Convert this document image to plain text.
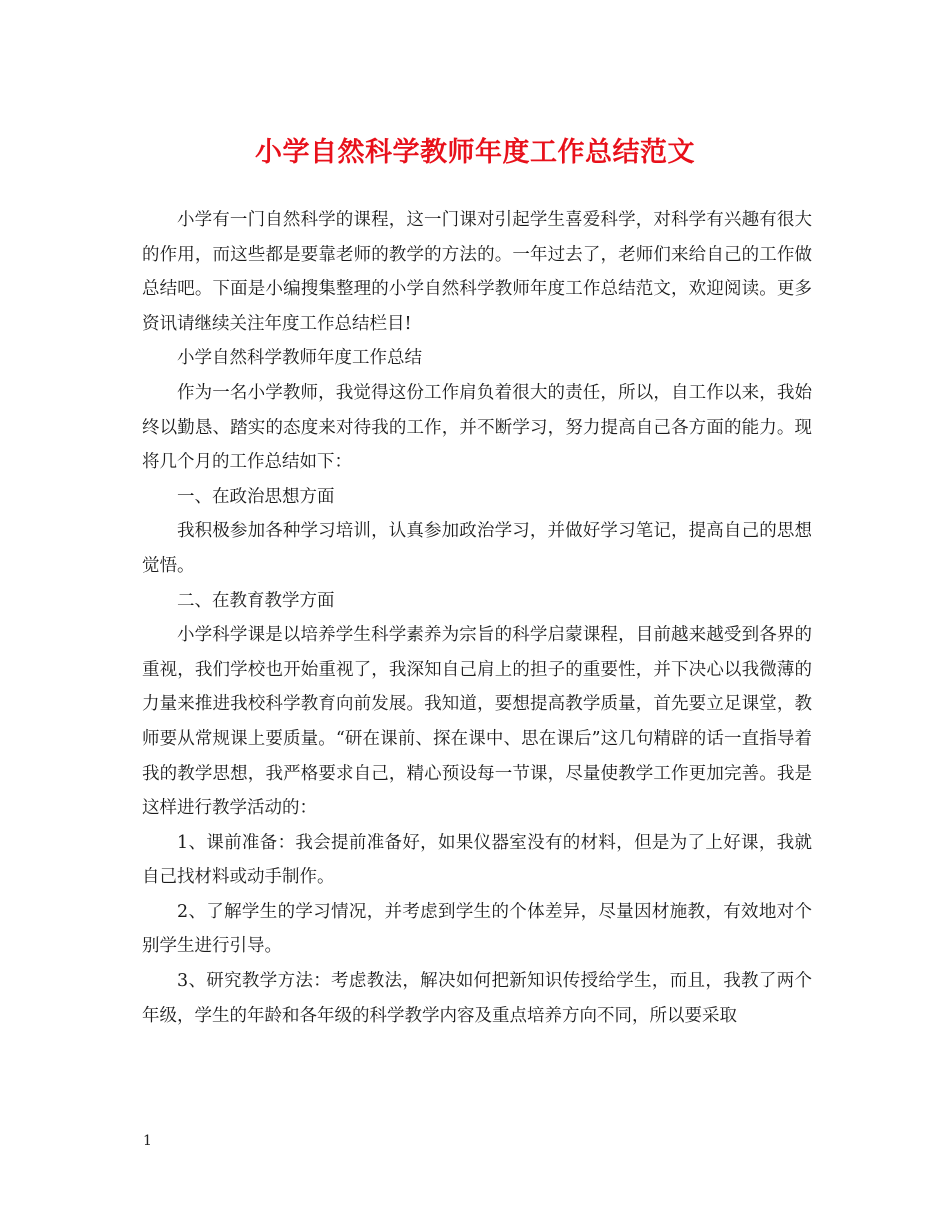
小学自然科学教师年度工作总结范文

小学有一门自然科学的课程，这一门课对引起学生喜爱科学，对科学有兴趣有很大的作用，而这些都是要靠老师的教学的方法的。一年过去了，老师们来给自己的工作做总结吧。下面是小编搜集整理的小学自然科学教师年度工作总结范文，欢迎阅读。更多资讯请继续关注年度工作总结栏目!

小学自然科学教师年度工作总结

作为一名小学教师，我觉得这份工作肩负着很大的责任，所以，自工作以来，我始终以勤恳、踏实的态度来对待我的工作，并不断学习，努力提高自己各方面的能力。现将几个月的工作总结如下：

一、在政治思想方面

我积极参加各种学习培训，认真参加政治学习，并做好学习笔记，提高自己的思想觉悟。

二、在教育教学方面

小学科学课是以培养学生科学素养为宗旨的科学启蒙课程，目前越来越受到各界的重视，我们学校也开始重视了，我深知自己肩上的担子的重要性，并下决心以我微薄的力量来推进我校科学教育向前发展。我知道，要想提高教学质量，首先要立足课堂，教师要从常规课上要质量。“研在课前、探在课中、思在课后”这几句精辟的话一直指导着我的教学思想，我严格要求自己，精心预设每一节课，尽量使教学工作更加完善。我是这样进行教学活动的：

1、课前准备：我会提前准备好，如果仪器室没有的材料，但是为了上好课，我就自己找材料或动手制作。

2、了解学生的学习情况，并考虑到学生的个体差异，尽量因材施教，有效地对个别学生进行引导。

3、研究教学方法：考虑教法，解决如何把新知识传授给学生，而且，我教了两个年级，学生的年龄和各年级的科学教学内容及重点培养方向不同，所以要采取

1
